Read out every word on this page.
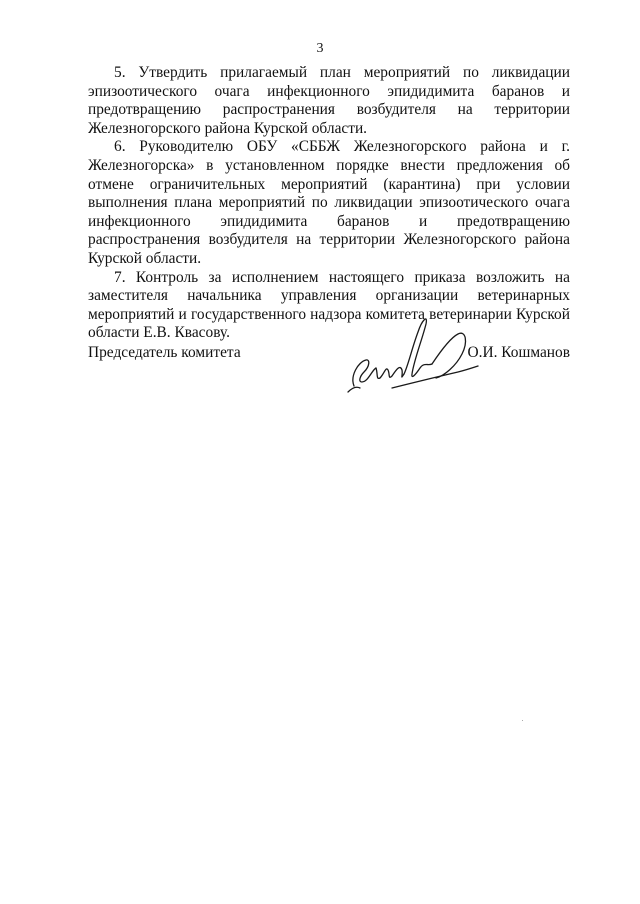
3

5. Утвердить прилагаемый план мероприятий по ликвидации эпизоотического очага инфекционного эпидидимита баранов и предотвращению распространения возбудителя на территории Железногорского района Курской области.

6. Руководителю ОБУ «СББЖ Железногорского района и г. Железногорска» в установленном порядке внести предложения об отмене ограничительных мероприятий (карантина) при условии выполнения плана мероприятий по ликвидации эпизоотического очага инфекционного эпидидимита баранов и предотвращению распространения возбудителя на территории Железногорского района Курской области.

7. Контроль за исполнением настоящего приказа возложить на заместителя начальника управления организации ветеринарных мероприятий и государственного надзора комитета ветеринарии Курской области Е.В. Квасову.

Председатель комитета	О.И. Кошманов
